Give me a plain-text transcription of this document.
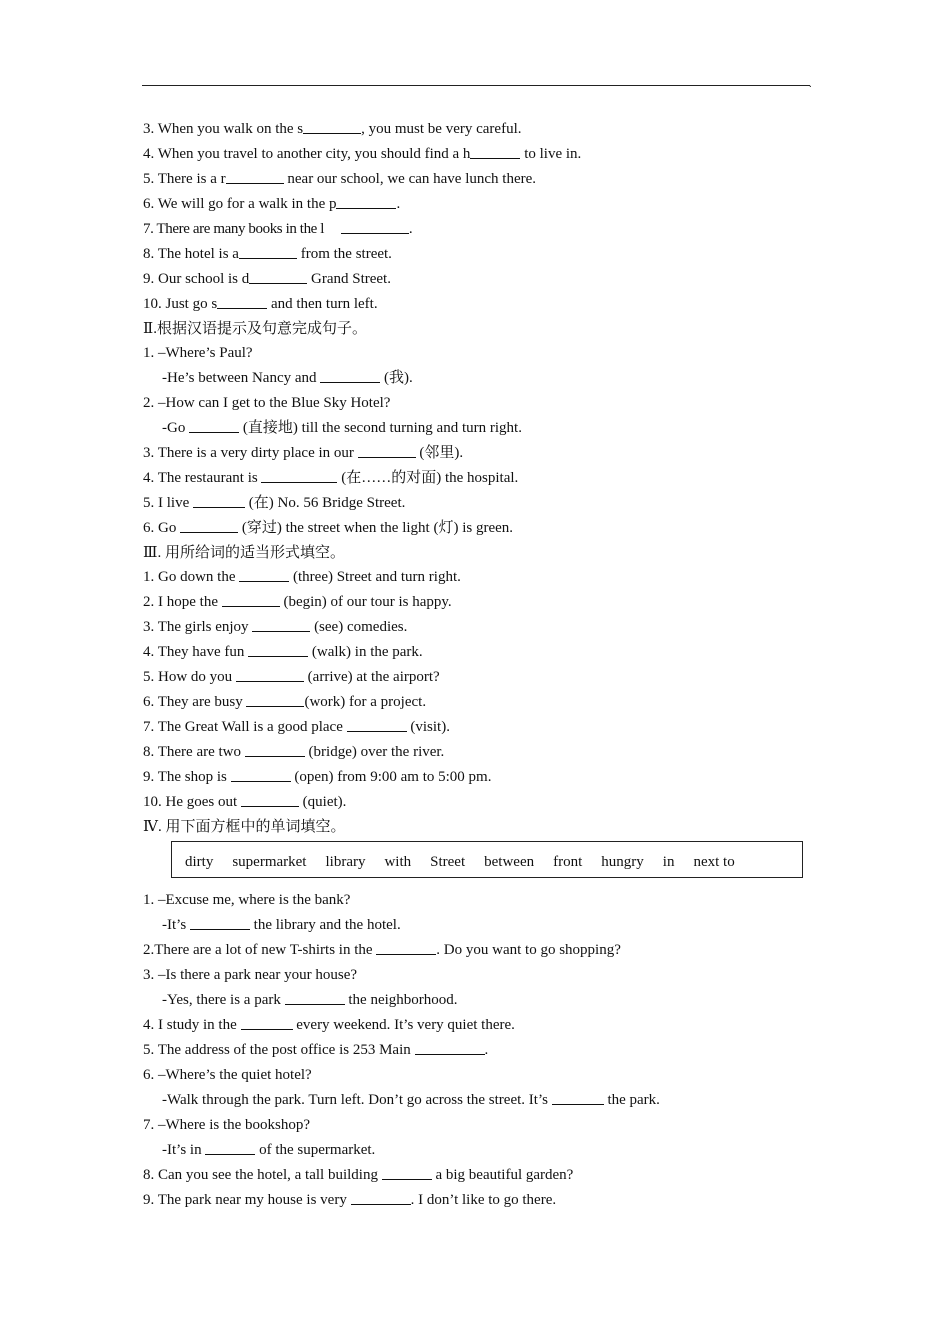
.
3. When you walk on the s	, you must be very careful.
4. When you travel to another city, you should find a h	to live in.
5. There is a r	near our school, we can have lunch there.
6. We will go for a walk in the p	.
7. There are many books in the l	.
8. The hotel is a	from the street.
9. Our school is d	Grand Street.
10. Just go s	and then turn left.
Ⅱ.根据汉语提示及句意完成句子。
1. –Where’s Paul?
-He’s between Nancy and	(我).
2. –How can I get to the Blue Sky Hotel?
-Go	(直接地) till the second turning and turn right.
3. There is a very dirty place in our	(邻里).
4. The restaurant is	(在……的对面) the hospital.
5. I live	(在) No. 56 Bridge Street.
6. Go	(穿过) the street when the light (灯) is green.
Ⅲ. 用所给词的适当形式填空。
1. Go down the	(three) Street and turn right.
2. I hope the	(begin) of our tour is happy.
3. The girls enjoy	(see) comedies.
4. They have fun	(walk) in the park.
5. How do you	(arrive) at the airport?
6. They are busy	(work) for a project.
7. The Great Wall is a good place	(visit).
8. There are two	(bridge) over the river.
9. The shop is	(open) from 9:00 am to 5:00 pm.
10. He goes out	(quiet).
Ⅳ. 用下面方框中的单词填空。
dirty supermarket library with Street between front hungry in next to
1. –Excuse me, where is the bank?
-It’s	the library and the hotel.
2.There are a lot of new T-shirts in the	. Do you want to go shopping?
3. –Is there a park near your house?
-Yes, there is a park	the neighborhood.
4. I study in the	every weekend. It’s very quiet there.
5. The address of the post office is 253 Main	.
6. –Where’s the quiet hotel?
-Walk through the park. Turn left. Don’t go across the street. It’s	the park.
7. –Where is the bookshop?
-It’s in	of the supermarket.
8. Can you see the hotel, a tall building	a big beautiful garden?
9. The park near my house is very	. I don’t like to go there.
